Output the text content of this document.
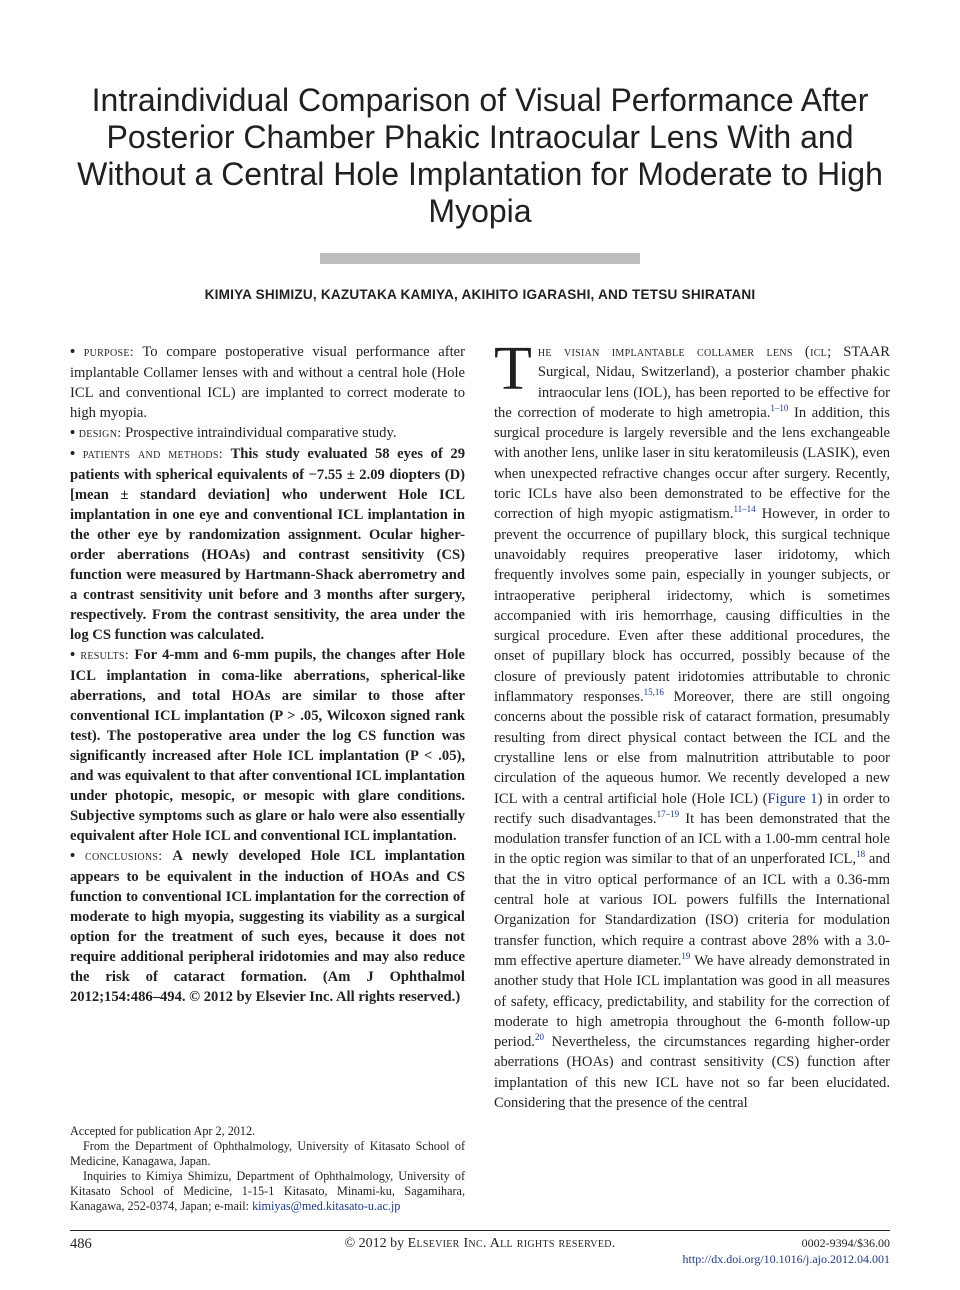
Intraindividual Comparison of Visual Performance After Posterior Chamber Phakic Intraocular Lens With and Without a Central Hole Implantation for Moderate to High Myopia
KIMIYA SHIMIZU, KAZUTAKA KAMIYA, AKIHITO IGARASHI, AND TETSU SHIRATANI

• purpose: To compare postoperative visual performance after implantable Collamer lenses with and without a central hole (Hole ICL and conventional ICL) are implanted to correct moderate to high myopia.

• design: Prospective intraindividual comparative study.

• patients and methods: This study evaluated 58 eyes of 29 patients with spherical equivalents of −7.55 ± 2.09 diopters (D) [mean ± standard deviation] who underwent Hole ICL implantation in one eye and conventional ICL implantation in the other eye by randomization assignment. Ocular higher-order aberrations (HOAs) and contrast sensitivity (CS) function were measured by Hartmann-Shack aberrometry and a contrast sensitivity unit before and 3 months after surgery, respectively. From the contrast sensitivity, the area under the log CS function was calculated.

• results: For 4-mm and 6-mm pupils, the changes after Hole ICL implantation in coma-like aberrations, spherical-like aberrations, and total HOAs are similar to those after conventional ICL implantation (P > .05, Wilcoxon signed rank test). The postoperative area under the log CS function was significantly increased after Hole ICL implantation (P < .05), and was equivalent to that after conventional ICL implantation under photopic, mesopic, or mesopic with glare conditions. Subjective symptoms such as glare or halo were also essentially equivalent after Hole ICL and conventional ICL implantation.

• conclusions: A newly developed Hole ICL implantation appears to be equivalent in the induction of HOAs and CS function to conventional ICL implantation for the correction of moderate to high myopia, suggesting its viability as a surgical option for the treatment of such eyes, because it does not require additional peripheral iridotomies and may also reduce the risk of cataract formation. (Am J Ophthalmol 2012;154:486–494. © 2012 by Elsevier Inc. All rights reserved.)

Accepted for publication Apr 2, 2012.

From the Department of Ophthalmology, University of Kitasato School of Medicine, Kanagawa, Japan.

Inquiries to Kimiya Shimizu, Department of Ophthalmology, University of Kitasato School of Medicine, 1-15-1 Kitasato, Minami-ku, Sagamihara, Kanagawa, 252-0374, Japan; e-mail: kimiyas@med.kitasato-u.ac.jp

The visian implantable collamer lens (icl; STAAR Surgical, Nidau, Switzerland), a posterior chamber phakic intraocular lens (IOL), has been reported to be effective for the correction of moderate to high ametropia.$^{1-10}$ In addition, this surgical procedure is largely reversible and the lens exchangeable with another lens, unlike laser in situ keratomileusis (LASIK), even when unexpected refractive changes occur after surgery. Recently, toric ICLs have also been demonstrated to be effective for the correction of high myopic astigmatism.$^{11-14}$ However, in order to prevent the occurrence of pupillary block, this surgical technique unavoidably requires preoperative laser iridotomy, which frequently involves some pain, especially in younger subjects, or intraoperative peripheral iridectomy, which is sometimes accompanied with iris hemorrhage, causing difficulties in the surgical procedure. Even after these additional procedures, the onset of pupillary block has occurred, possibly because of the closure of previously patent iridotomies attributable to chronic inflammatory responses.$^{15,16}$ Moreover, there are still ongoing concerns about the possible risk of cataract formation, presumably resulting from direct physical contact between the ICL and the crystalline lens or else from malnutrition attributable to poor circulation of the aqueous humor. We recently developed a new ICL with a central artificial hole (Hole ICL) (Figure 1) in order to rectify such disadvantages.$^{17-19}$ It has been demonstrated that the modulation transfer function of an ICL with a 1.00-mm central hole in the optic region was similar to that of an unperforated ICL,$^{18}$ and that the in vitro optical performance of an ICL with a 0.36-mm central hole at various IOL powers fulfills the International Organization for Standardization (ISO) criteria for modulation transfer function, which require a contrast above 28% with a 3.0-mm effective aperture diameter.$^{19}$ We have already demonstrated in another study that Hole ICL implantation was good in all measures of safety, efficacy, predictability, and stability for the correction of moderate to high ametropia throughout the 6-month follow-up period.$^{20}$ Nevertheless, the circumstances regarding higher-order aberrations (HOAs) and contrast sensitivity (CS) function after implantation of this new ICL have not so far been elucidated. Considering that the presence of the central

486	© 2012 by Elsevier Inc. All rights reserved.	0002-9394/$36.00
http://dx.doi.org/10.1016/j.ajo.2012.04.001
